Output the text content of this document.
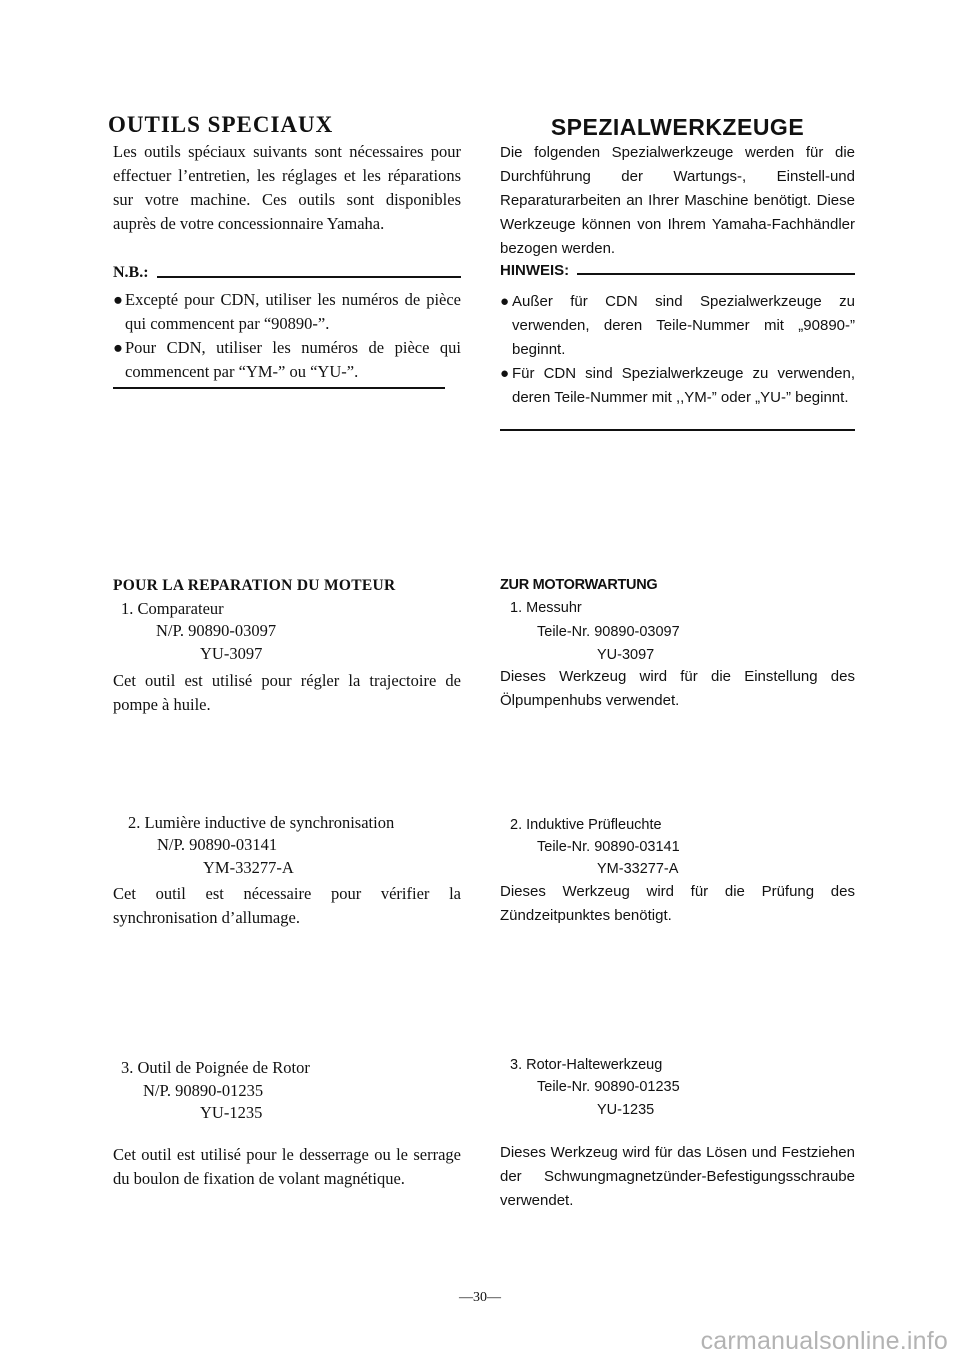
OUTILS SPECIAUX
Les outils spéciaux suivants sont nécessaires pour effectuer l’entretien, les réglages et les réparations sur votre machine. Ces outils sont disponibles auprès de votre concessionnaire Yamaha.
N.B.:
● Excepté pour CDN, utiliser les numéros de pièce qui commencent par “90890-”.
● Pour CDN, utiliser les numéros de pièce qui commencent par “YM-” ou “YU-”.
POUR LA REPARATION DU MOTEUR
1. Comparateur
N/P. 90890-03097
YU-3097
Cet outil est utilisé pour régler la trajectoire de pompe à huile.
2. Lumière inductive de synchronisation
N/P. 90890-03141
YM-33277-A
Cet outil est nécessaire pour vérifier la synchronisation d’allumage.
3. Outil de Poignée de Rotor
N/P. 90890-01235
YU-1235
Cet outil est utilisé pour le desserrage ou le serrage du boulon de fixation de volant magnétique.
SPEZIALWERKZEUGE
Die folgenden Spezialwerkzeuge werden für die Durchführung der Wartungs-, Einstell-und Reparaturarbeiten an Ihrer Maschine benötigt. Diese Werkzeuge können von Ihrem Yamaha-Fachhändler bezogen werden.
HINWEIS:
● Außer für CDN sind Spezialwerkzeuge zu verwenden, deren Teile-Nummer mit „90890-” beginnt.
● Für CDN sind Spezialwerkzeuge zu verwenden, deren Teile-Nummer mit ,,YM-” oder „YU-” beginnt.
ZUR MOTORWARTUNG
1. Messuhr
Teile-Nr. 90890-03097
YU-3097
Dieses Werkzeug wird für die Einstellung des Ölpumpenhubs verwendet.
2. Induktive Prüfleuchte
Teile-Nr. 90890-03141
YM-33277-A
Dieses Werkzeug wird für die Prüfung des Zündzeitpunktes benötigt.
3. Rotor-Haltewerkzeug
Teile-Nr. 90890-01235
YU-1235
Dieses Werkzeug wird für das Lösen und Festziehen der Schwungmagnetzünder-Befestigungsschraube verwendet.
—30—
carmanualsonline.info
